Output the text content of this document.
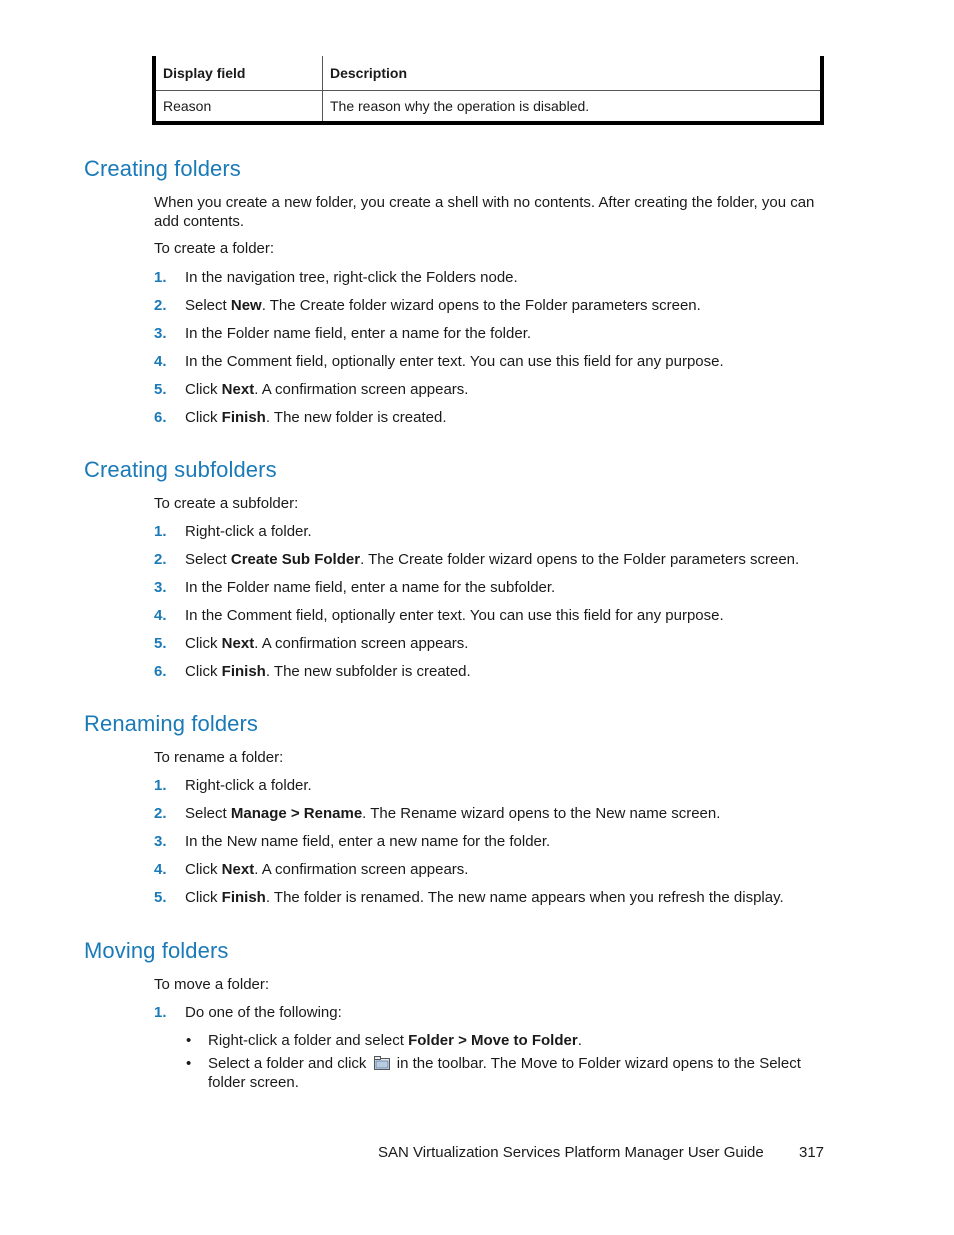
Display field	Description
Reason	The reason why the operation is disabled.
Creating folders

When you create a new folder, you create a shell with no contents. After creating the folder, you can add contents.

To create a folder:

1. In the navigation tree, right-click the Folders node.
2. Select New. The Create folder wizard opens to the Folder parameters screen.
3. In the Folder name field, enter a name for the folder.
4. In the Comment field, optionally enter text. You can use this field for any purpose.
5. Click Next. A confirmation screen appears.
6. Click Finish. The new folder is created.
Creating subfolders

To create a subfolder:

1. Right-click a folder.
2. Select Create Sub Folder. The Create folder wizard opens to the Folder parameters screen.
3. In the Folder name field, enter a name for the subfolder.
4. In the Comment field, optionally enter text. You can use this field for any purpose.
5. Click Next. A confirmation screen appears.
6. Click Finish. The new subfolder is created.
Renaming folders

To rename a folder:

1. Right-click a folder.
2. Select Manage > Rename. The Rename wizard opens to the New name screen.
3. In the New name field, enter a new name for the folder.
4. Click Next. A confirmation screen appears.
5. Click Finish. The folder is renamed. The new name appears when you refresh the display.
Moving folders

To move a folder:

1. Do one of the following:
• Right-click a folder and select Folder > Move to Folder.
• Select a folder and click  in the toolbar. The Move to Folder wizard opens to the Select folder screen.
SAN Virtualization Services Platform Manager User Guide 317
